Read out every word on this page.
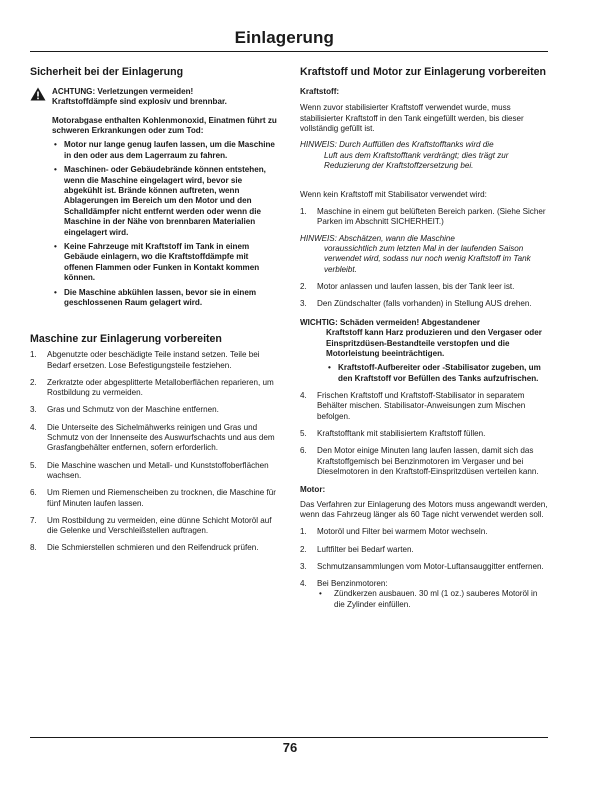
Einlagerung
Sicherheit bei der Einlagerung
ACHTUNG: Verletzungen vermeiden!
Kraftstoffdämpfe sind explosiv und brennbar.

Motorabgase enthalten Kohlenmonoxid, Einatmen führt zu schweren Erkrankungen oder zum Tod:

• Motor nur lange genug laufen lassen, um die Maschine in den oder aus dem Lagerraum zu fahren.
• Maschinen- oder Gebäudebrände können entstehen, wenn die Maschine eingelagert wird, bevor sie abgekühlt ist. Brände können auftreten, wenn Ablagerungen im Bereich um den Motor und den Schalldämpfer nicht entfernt werden oder wenn die Maschine in der Nähe von brennbaren Materialien eingelagert wird.
• Keine Fahrzeuge mit Kraftstoff im Tank in einem Gebäude einlagern, wo die Kraftstoffdämpfe mit offenen Flammen oder Funken in Kontakt kommen können.
• Die Maschine abkühlen lassen, bevor sie in einem geschlossenen Raum gelagert wird.
Maschine zur Einlagerung vorbereiten
1. Abgenutzte oder beschädigte Teile instand setzen. Teile bei Bedarf ersetzen. Lose Befestigungsteile festziehen.
2. Zerkratzte oder abgesplitterte Metalloberflächen reparieren, um Rostbildung zu vermeiden.
3. Gras und Schmutz von der Maschine entfernen.
4. Die Unterseite des Sichelmähwerks reinigen und Gras und Schmutz von der Innenseite des Auswurfschachts und aus dem Grasfangbehälter entfernen, sofern erforderlich.
5. Die Maschine waschen und Metall- und Kunststoffoberflächen wachsen.
6. Um Riemen und Riemenscheiben zu trocknen, die Maschine für fünf Minuten laufen lassen.
7. Um Rostbildung zu vermeiden, eine dünne Schicht Motoröl auf die Gelenke und Verschleißstellen auftragen.
8. Die Schmierstellen schmieren und den Reifendruck prüfen.
Kraftstoff und Motor zur Einlagerung vorbereiten
Kraftstoff:

Wenn zuvor stabilisierter Kraftstoff verwendet wurde, muss stabilisierter Kraftstoff in den Tank eingefüllt werden, bis dieser vollständig gefüllt ist.

HINWEIS: Durch Auffüllen des Kraftstofftanks wird die
Luft aus dem Kraftstofftank verdrängt; dies trägt zur Reduzierung der Kraftstoffzersetzung bei.

Wenn kein Kraftstoff mit Stabilisator verwendet wird:

1. Maschine in einem gut belüfteten Bereich parken. (Siehe Sicher Parken im Abschnitt SICHERHEIT.)
HINWEIS: Abschätzen, wann die Maschine
voraussichtlich zum letzten Mal in der laufenden Saison verwendet wird, sodass nur noch wenig Kraftstoff im Tank verbleibt.
2. Motor anlassen und laufen lassen, bis der Tank leer ist.
3. Den Zündschalter (falls vorhanden) in Stellung AUS drehen.
WICHTIG: Schäden vermeiden! Abgestandener
Kraftstoff kann Harz produzieren und den Vergaser oder Einspritzdüsen-Bestandteile verstopfen und die Motorleistung beeinträchtigen.
• Kraftstoff-Aufbereiter oder -Stabilisator zugeben, um den Kraftstoff vor Befüllen des Tanks aufzufrischen.
4. Frischen Kraftstoff und Kraftstoff-Stabilisator in separatem Behälter mischen. Stabilisator-Anweisungen zum Mischen befolgen.
5. Kraftstofftank mit stabilisiertem Kraftstoff füllen.
6. Den Motor einige Minuten lang laufen lassen, damit sich das Kraftstoffgemisch bei Benzinmotoren im Vergaser und bei Dieselmotoren in den Kraftstoff-Einspritzdüsen verteilen kann.
Motor:

Das Verfahren zur Einlagerung des Motors muss angewandt werden, wenn das Fahrzeug länger als 60 Tage nicht verwendet werden soll.

1. Motoröl und Filter bei warmem Motor wechseln.
2. Luftfilter bei Bedarf warten.
3. Schmutzansammlungen vom Motor-Luftansauggitter entfernen.
4. Bei Benzinmotoren:
• Zündkerzen ausbauen. 30 ml (1 oz.) sauberes Motoröl in die Zylinder einfüllen.
76
